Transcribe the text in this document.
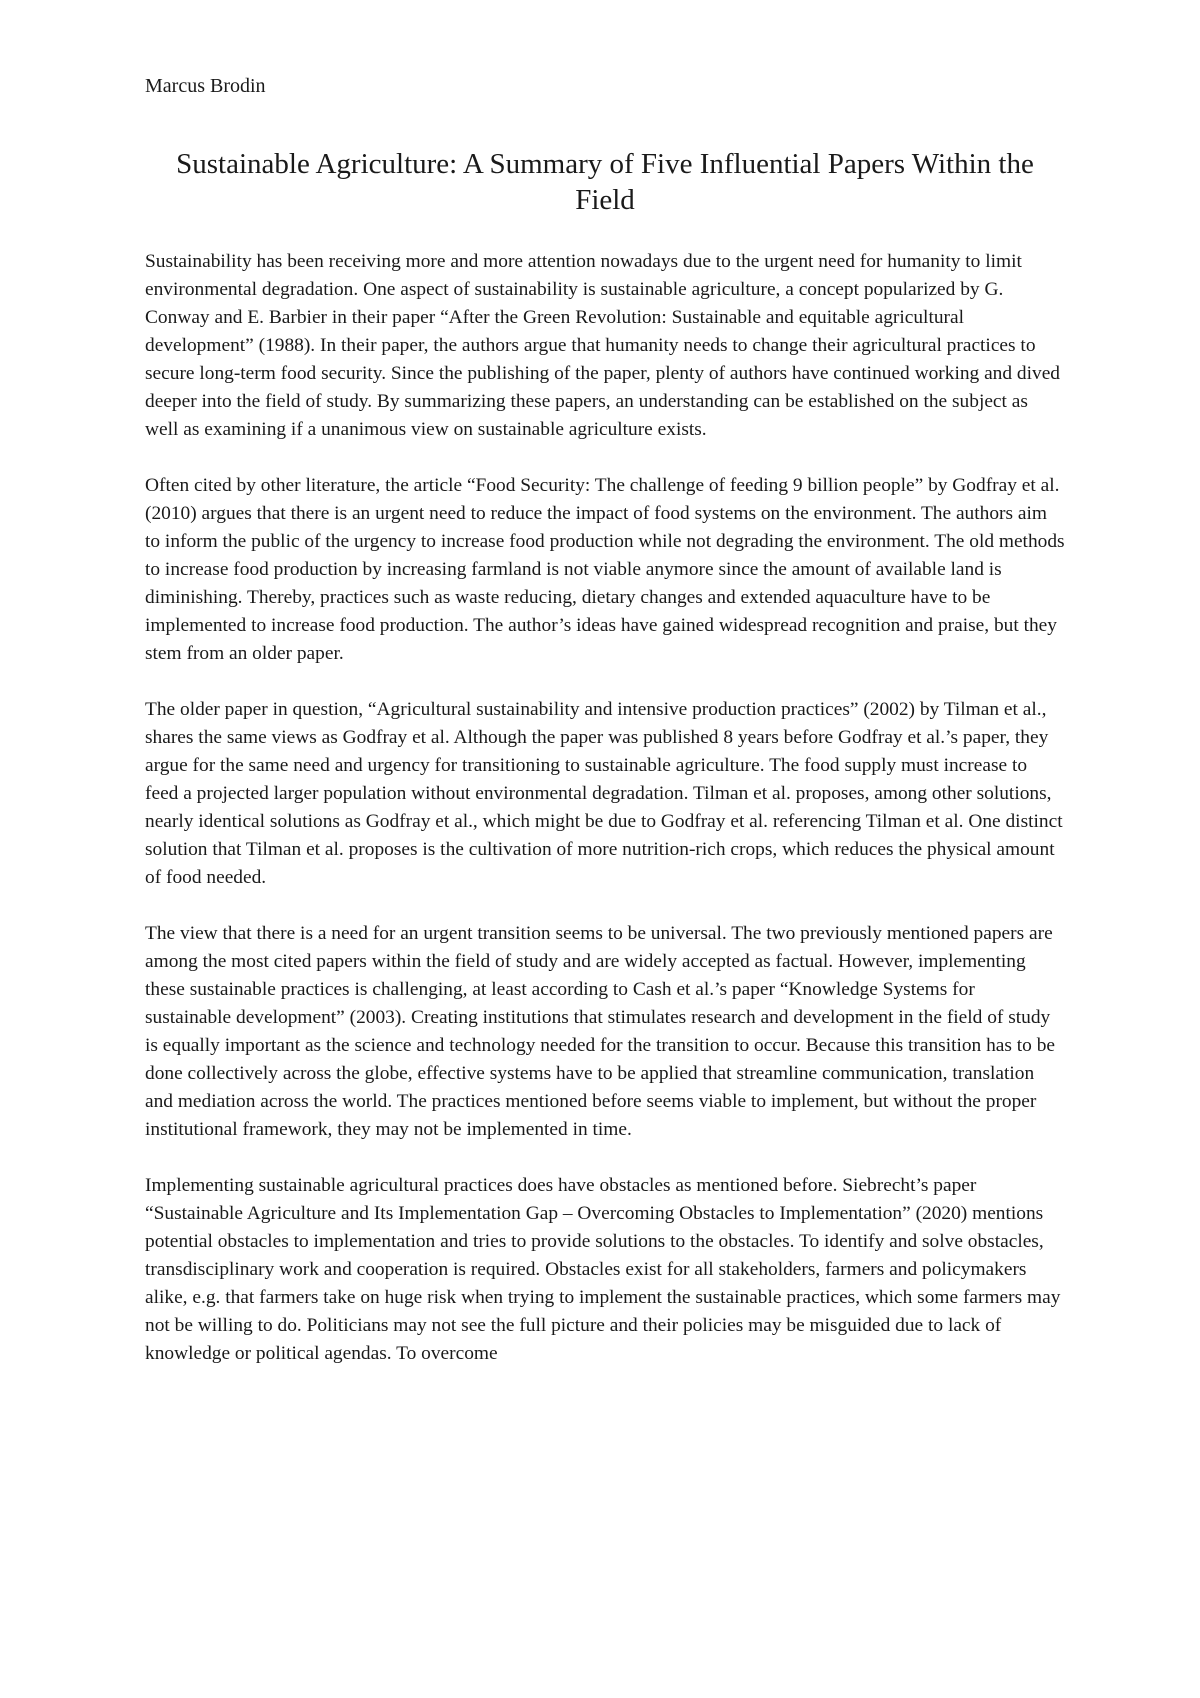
Marcus Brodin
Sustainable Agriculture: A Summary of Five Influential Papers Within the Field

Sustainability has been receiving more and more attention nowadays due to the urgent need for humanity to limit environmental degradation. One aspect of sustainability is sustainable agriculture, a concept popularized by G. Conway and E. Barbier in their paper “After the Green Revolution: Sustainable and equitable agricultural development” (1988). In their paper, the authors argue that humanity needs to change their agricultural practices to secure long-term food security. Since the publishing of the paper, plenty of authors have continued working and dived deeper into the field of study. By summarizing these papers, an understanding can be established on the subject as well as examining if a unanimous view on sustainable agriculture exists.

Often cited by other literature, the article “Food Security: The challenge of feeding 9 billion people” by Godfray et al. (2010) argues that there is an urgent need to reduce the impact of food systems on the environment. The authors aim to inform the public of the urgency to increase food production while not degrading the environment. The old methods to increase food production by increasing farmland is not viable anymore since the amount of available land is diminishing. Thereby, practices such as waste reducing, dietary changes and extended aquaculture have to be implemented to increase food production. The author’s ideas have gained widespread recognition and praise, but they stem from an older paper.

The older paper in question, “Agricultural sustainability and intensive production practices” (2002) by Tilman et al., shares the same views as Godfray et al. Although the paper was published 8 years before Godfray et al.’s paper, they argue for the same need and urgency for transitioning to sustainable agriculture. The food supply must increase to feed a projected larger population without environmental degradation. Tilman et al. proposes, among other solutions, nearly identical solutions as Godfray et al., which might be due to Godfray et al. referencing Tilman et al. One distinct solution that Tilman et al. proposes is the cultivation of more nutrition-rich crops, which reduces the physical amount of food needed.

The view that there is a need for an urgent transition seems to be universal. The two previously mentioned papers are among the most cited papers within the field of study and are widely accepted as factual. However, implementing these sustainable practices is challenging, at least according to Cash et al.’s paper “Knowledge Systems for sustainable development” (2003). Creating institutions that stimulates research and development in the field of study is equally important as the science and technology needed for the transition to occur. Because this transition has to be done collectively across the globe, effective systems have to be applied that streamline communication, translation and mediation across the world. The practices mentioned before seems viable to implement, but without the proper institutional framework, they may not be implemented in time.

Implementing sustainable agricultural practices does have obstacles as mentioned before. Siebrecht’s paper “Sustainable Agriculture and Its Implementation Gap – Overcoming Obstacles to Implementation” (2020) mentions potential obstacles to implementation and tries to provide solutions to the obstacles. To identify and solve obstacles, transdisciplinary work and cooperation is required. Obstacles exist for all stakeholders, farmers and policymakers alike, e.g. that farmers take on huge risk when trying to implement the sustainable practices, which some farmers may not be willing to do. Politicians may not see the full picture and their policies may be misguided due to lack of knowledge or political agendas. To overcome
